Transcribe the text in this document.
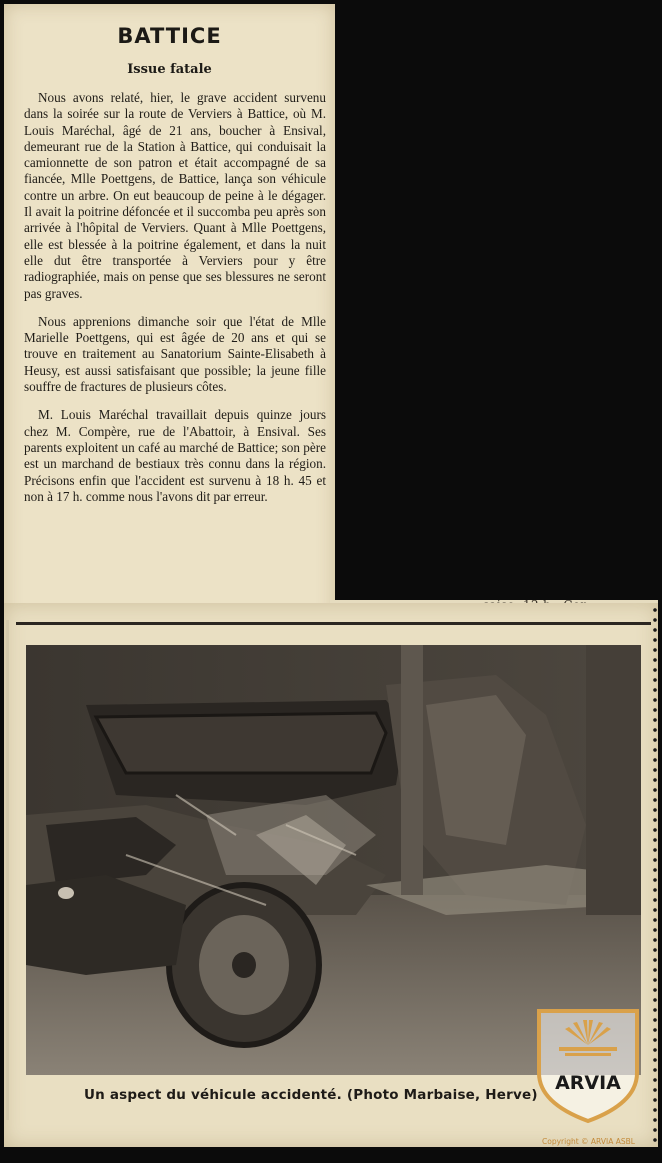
BATTICE
Issue fatale

Nous avons relaté, hier, le grave accident survenu dans la soirée sur la route de Verviers à Battice, où M. Louis Maréchal, âgé de 21 ans, boucher à Ensival, demeurant rue de la Station à Battice, qui conduisait la camionnette de son patron et était accompagné de sa fiancée, Mlle Poettgens, de Battice, lança son véhicule contre un arbre. On eut beaucoup de peine à le dégager. Il avait la poitrine défoncée et il succomba peu après son arrivée à l'hôpital de Verviers. Quant à Mlle Poettgens, elle est blessée à la poitrine également, et dans la nuit elle dut être transportée à Verviers pour y être radiographiée, mais on pense que ses blessures ne seront pas graves.

Nous apprenions dimanche soir que l'état de Mlle Marielle Poettgens, qui est âgée de 20 ans et qui se trouve en traitement au Sanatorium Sainte-Elisabeth à Heusy, est aussi satisfaisant que possible; la jeune fille souffre de fractures de plusieurs côtes.

M. Louis Maréchal travaillait depuis quinze jours chez M. Compère, rue de l'Abattoir, à Ensival. Ses parents exploitent un café au marché de Battice; son père est un marchand de bestiaux très connu dans la région. Précisons enfin que l'accident est survenu à 18 h. 45 et non à 17 h. comme nous l'avons dit par erreur.

Un aspect du véhicule accidenté. (Photo Marbaise, Herve)
ARVIA
Copyright © ARVIA ASBL
